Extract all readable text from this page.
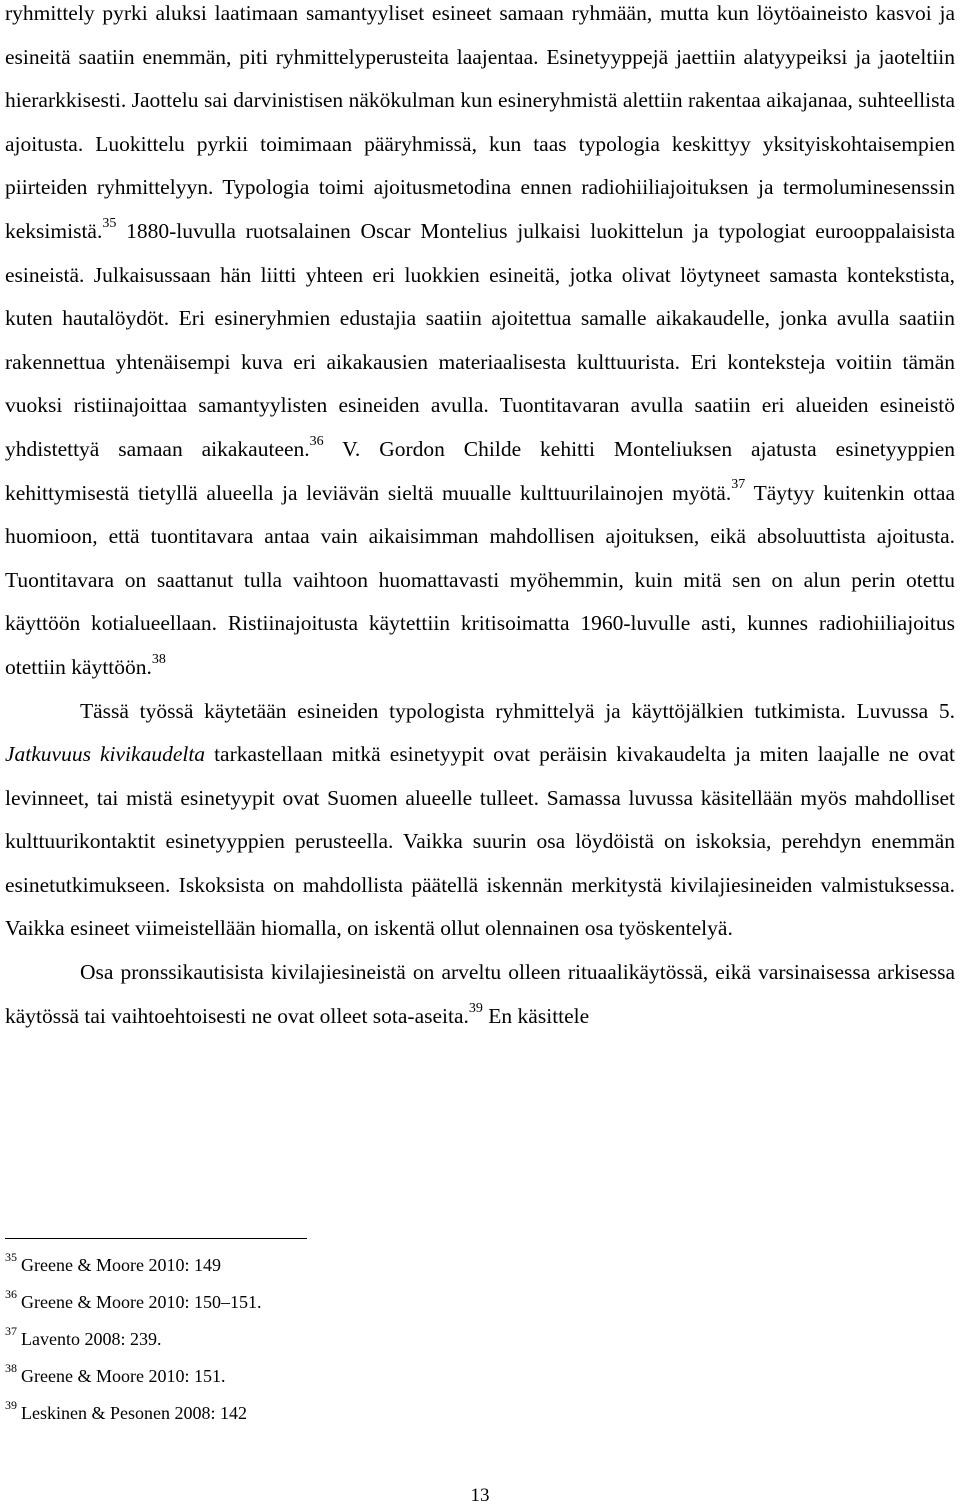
ryhmittely pyrki aluksi laatimaan samantyyliset esineet samaan ryhmään, mutta kun löytöaineisto kasvoi ja esineitä saatiin enemmän, piti ryhmittelyperusteita laajentaa. Esinetyyppejä jaettiin alatyypeiksi ja jaoteltiin hierarkkisesti. Jaottelu sai darvinistisen näkökulman kun esineryhmistä alettiin rakentaa aikajanaa, suhteellista ajoitusta. Luokittelu pyrkii toimimaan pääryhmissä, kun taas typologia keskittyy yksityiskohtaisempien piirteiden ryhmittelyyn. Typologia toimi ajoitusmetodina ennen radiohiiliajoituksen ja termoluminesenssin keksimistä.$^{35}$ 1880-luvulla ruotsalainen Oscar Montelius julkaisi luokittelun ja typologiat eurooppalaisista esineistä. Julkaisussaan hän liitti yhteen eri luokkien esineitä, jotka olivat löytyneet samasta kontekstista, kuten hautalöydöt. Eri esineryhmien edustajia saatiin ajoitettua samalle aikakaudelle, jonka avulla saatiin rakennettua yhtenäisempi kuva eri aikakausien materiaalisesta kulttuurista. Eri konteksteja voitiin tämän vuoksi ristiinajoittaa samantyylisten esineiden avulla. Tuontitavaran avulla saatiin eri alueiden esineistö yhdistettyä samaan aikakauteen.$^{36}$ V. Gordon Childe kehitti Monteliuksen ajatusta esinetyyppien kehittymisestä tietyllä alueella ja leviävän sieltä muualle kulttuurilainojen myötä.$^{37}$ Täytyy kuitenkin ottaa huomioon, että tuontitavara antaa vain aikaisimman mahdollisen ajoituksen, eikä absoluuttista ajoitusta. Tuontitavara on saattanut tulla vaihtoon huomattavasti myöhemmin, kuin mitä sen on alun perin otettu käyttöön kotialueellaan. Ristiinajoitusta käytettiin kritisoimatta 1960-luvulle asti, kunnes radiohiiliajoitus otettiin käyttöön.$^{38}$

Tässä työssä käytetään esineiden typologista ryhmittelyä ja käyttöjälkien tutkimista. Luvussa 5. Jatkuvuus kivikaudelta tarkastellaan mitkä esinetyypit ovat peräisin kivakaudelta ja miten laajalle ne ovat levinneet, tai mistä esinetyypit ovat Suomen alueelle tulleet. Samassa luvussa käsitellään myös mahdolliset kulttuurikontaktit esinetyyppien perusteella. Vaikka suurin osa löydöistä on iskoksia, perehdyn enemmän esinetutkimukseen. Iskoksista on mahdollista päätellä iskennän merkitystä kivilajiesineiden valmistuksessa. Vaikka esineet viimeistellään hiomalla, on iskentä ollut olennainen osa työskentelyä.

Osa pronssikautisista kivilajiesineistä on arveltu olleen rituaalikäytössä, eikä varsinaisessa arkisessa käytössä tai vaihtoehtoisesti ne ovat olleet sota-aseita.$^{39}$ En käsittele

$^{35}$ Greene & Moore 2010: 149
$^{36}$ Greene & Moore 2010: 150–151.
$^{37}$ Lavento 2008: 239.
$^{38}$ Greene & Moore 2010: 151.
$^{39}$ Leskinen & Pesonen 2008: 142
13
